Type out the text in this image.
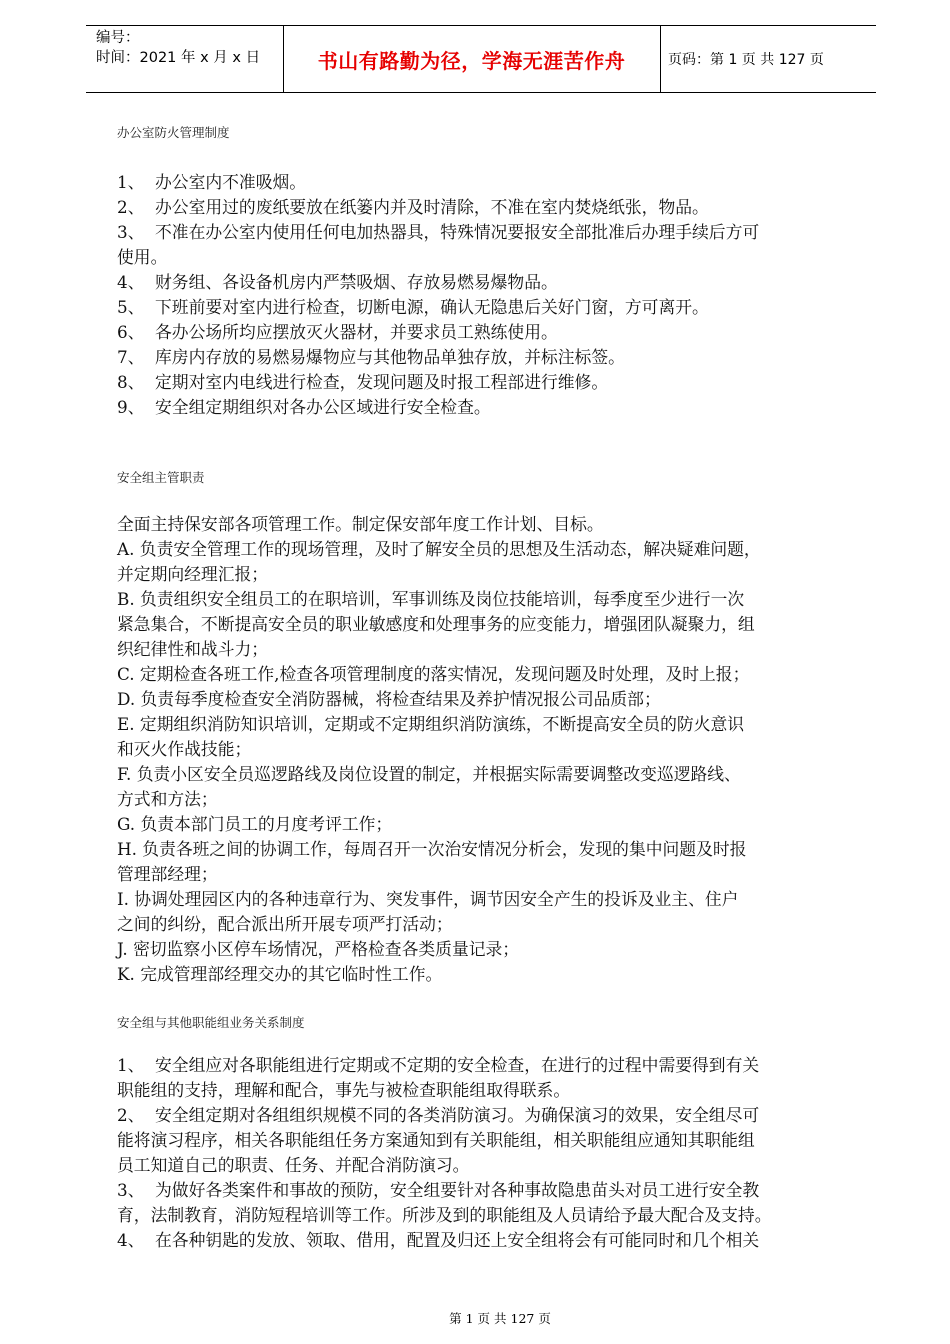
编号：
时间：2021 年 x 月 x 日	书山有路勤为径，学海无涯苦作舟	页码：第 1 页 共 127 页
办公室防火管理制度
1、 办公室内不准吸烟。
2、 办公室用过的废纸要放在纸篓内并及时清除，不准在室内焚烧纸张，物品。
3、 不准在办公室内使用任何电加热器具，特殊情况要报安全部批准后办理手续后方可
使用。
4、 财务组、各设备机房内严禁吸烟、存放易燃易爆物品。
5、 下班前要对室内进行检查，切断电源，确认无隐患后关好门窗，方可离开。
6、 各办公场所均应摆放灭火器材，并要求员工熟练使用。
7、 库房内存放的易燃易爆物应与其他物品单独存放，并标注标签。
8、 定期对室内电线进行检查，发现问题及时报工程部进行维修。
9、 安全组定期组织对各办公区域进行安全检查。
安全组主管职责
全面主持保安部各项管理工作。制定保安部年度工作计划、目标。
A. 负责安全管理工作的现场管理，及时了解安全员的思想及生活动态，解决疑难问题，
并定期向经理汇报；
B. 负责组织安全组员工的在职培训，军事训练及岗位技能培训，每季度至少进行一次
紧急集合，不断提高安全员的职业敏感度和处理事务的应变能力，增强团队凝聚力，组
织纪律性和战斗力；
C. 定期检查各班工作,检查各项管理制度的落实情况，发现问题及时处理，及时上报；
D. 负责每季度检查安全消防器械，将检查结果及养护情况报公司品质部；
E. 定期组织消防知识培训，定期或不定期组织消防演练，不断提高安全员的防火意识
和灭火作战技能；
F. 负责小区安全员巡逻路线及岗位设置的制定，并根据实际需要调整改变巡逻路线、
方式和方法；
G. 负责本部门员工的月度考评工作；
H. 负责各班之间的协调工作，每周召开一次治安情况分析会，发现的集中问题及时报
管理部经理；
I. 协调处理园区内的各种违章行为、突发事件，调节因安全产生的投诉及业主、住户
之间的纠纷，配合派出所开展专项严打活动；
J. 密切监察小区停车场情况，严格检查各类质量记录；
K. 完成管理部经理交办的其它临时性工作。
安全组与其他职能组业务关系制度
1、 安全组应对各职能组进行定期或不定期的安全检查，在进行的过程中需要得到有关
职能组的支持，理解和配合，事先与被检查职能组取得联系。
2、 安全组定期对各组组织规模不同的各类消防演习。为确保演习的效果，安全组尽可
能将演习程序，相关各职能组任务方案通知到有关职能组，相关职能组应通知其职能组
员工知道自己的职责、任务、并配合消防演习。
3、 为做好各类案件和事故的预防，安全组要针对各种事故隐患苗头对员工进行安全教
育，法制教育，消防短程培训等工作。所涉及到的职能组及人员请给予最大配合及支持。
4、 在各种钥匙的发放、领取、借用，配置及归还上安全组将会有可能同时和几个相关
第 1 页 共 127 页
